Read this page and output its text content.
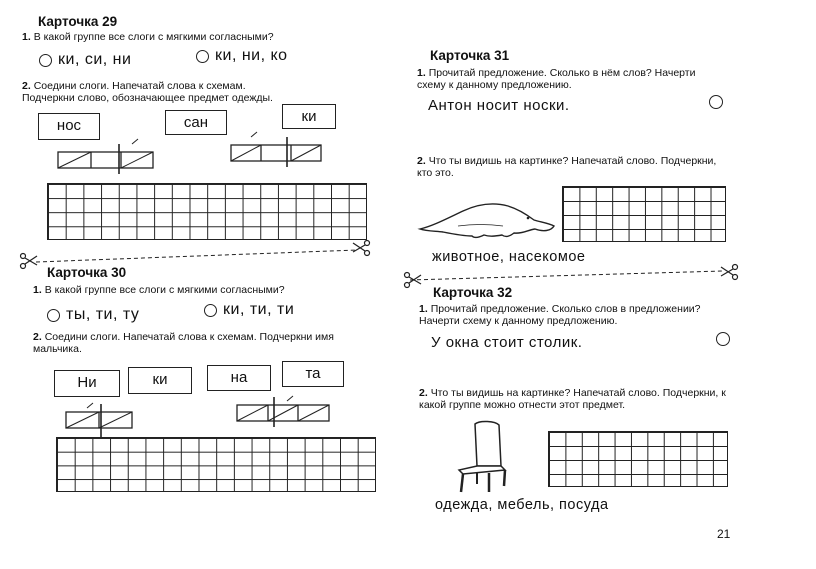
Карточка 29
1. В какой группе все слоги с мягкими согласными?
ки, си, ни	ки, ни, ко
2. Соедини слоги. Напечатай слова к схемам. Подчеркни слово, обозначающее предмет одежды.
нос	сан	ки
Карточка 30
1. В какой группе все слоги с мягкими согласными?
ты, ти, ту	ки, ти, ти
2. Соедини слоги. Напечатай слова к схемам. Подчеркни имя мальчика.
Ни	ки	на	та
Карточка 31
1. Прочитай предложение. Сколько в нём слов? Начерти схему к данному предложению.
Антон носит носки.
2. Что ты видишь на картинке? Напечатай слово. Подчеркни, кто это.
животное, насекомое
Карточка 32
1. Прочитай предложение. Сколько слов в предложении? Начерти схему к данному предложению.
У окна стоит столик.
2. Что ты видишь на картинке? Напечатай слово. Подчеркни, к какой группе можно отнести этот предмет.
одежда, мебель, посуда
21
